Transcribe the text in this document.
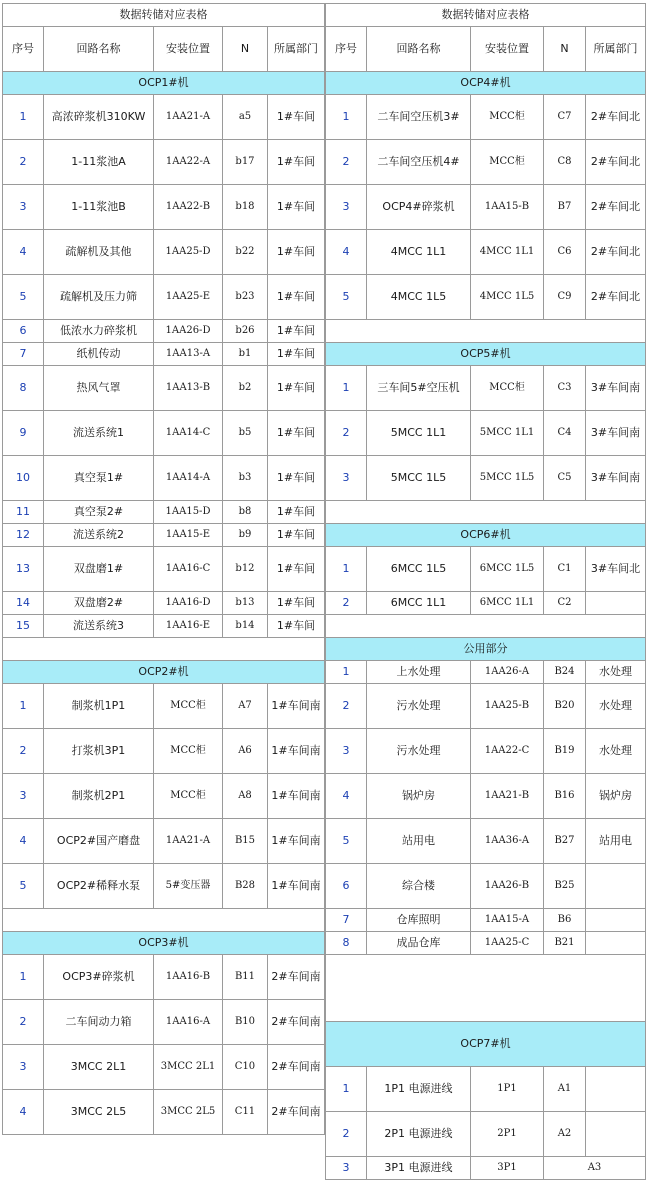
数据转储对应表格				
序号	回路名称	安装位置	N	所属部门
OCP1#机				
1	高浓碎浆机310KW	1AA21-A	a5	1#车间
2	1-11浆池A	1AA22-A	b17	1#车间
3	1-11浆池B	1AA22-B	b18	1#车间
4	疏解机及其他	1AA25-D	b22	1#车间
5	疏解机及压力筛	1AA25-E	b23	1#车间
6	低浓水力碎浆机	1AA26-D	b26	1#车间
7	纸机传动	1AA13-A	b1	1#车间
8	热风气罩	1AA13-B	b2	1#车间
9	流送系统1	1AA14-C	b5	1#车间
10	真空泵1#	1AA14-A	b3	1#车间
11	真空泵2#	1AA15-D	b8	1#车间
12	流送系统2	1AA15-E	b9	1#车间
13	双盘磨1#	1AA16-C	b12	1#车间
14	双盘磨2#	1AA16-D	b13	1#车间
15	流送系统3	1AA16-E	b14	1#车间

OCP2#机				
1	制浆机1P1	MCC柜	A7	1#车间南
2	打浆机3P1	MCC柜	A6	1#车间南
3	制浆机2P1	MCC柜	A8	1#车间南
4	OCP2#国产磨盘	1AA21-A	B15	1#车间南
5	OCP2#稀释水泵	5#变压器	B28	1#车间南

OCP3#机				
1	OCP3#碎浆机	1AA16-B	B11	2#车间南
2	二车间动力箱	1AA16-A	B10	2#车间南
3	3MCC 2L1	3MCC 2L1	C10	2#车间南
4	3MCC 2L5	3MCC 2L5	C11	2#车间南
数据转储对应表格				
序号	回路名称	安装位置	N	所属部门
OCP4#机				
1	二车间空压机3#	MCC柜	C7	2#车间北
2	二车间空压机4#	MCC柜	C8	2#车间北
3	OCP4#碎浆机	1AA15-B	B7	2#车间北
4	4MCC 1L1	4MCC 1L1	C6	2#车间北
5	4MCC 1L5	4MCC 1L5	C9	2#车间北

OCP5#机				
1	三车间5#空压机	MCC柜	C3	3#车间南
2	5MCC 1L1	5MCC 1L1	C4	3#车间南
3	5MCC 1L5	5MCC 1L5	C5	3#车间南

OCP6#机				
1	6MCC 1L5	6MCC 1L5	C1	3#车间北
2	6MCC 1L1	6MCC 1L1	C2	

公用部分				
1	上水处理	1AA26-A	B24	水处理
2	污水处理	1AA25-B	B20	水处理
3	污水处理	1AA22-C	B19	水处理
4	锅炉房	1AA21-B	B16	锅炉房
5	站用电	1AA36-A	B27	站用电
6	综合楼	1AA26-B	B25	
7	仓库照明	1AA15-A	B6	
8	成品仓库	1AA25-C	B21	

OCP7#机				
1	1P1 电源进线	1P1	A1	
2	2P1 电源进线	2P1	A2	
3	3P1 电源进线	3P1	A3	
